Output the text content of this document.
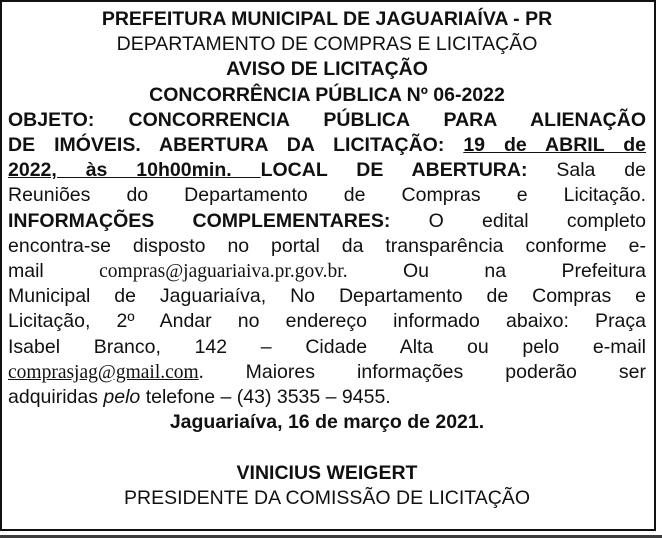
PREFEITURA MUNICIPAL DE JAGUARIAÍVA - PR
DEPARTAMENTO DE COMPRAS E LICITAÇÃO
AVISO DE LICITAÇÃO
CONCORRÊNCIA PÚBLICA Nº 06-2022
OBJETO: CONCORRENCIA PÚBLICA PARA ALIENAÇÃO
DE IMÓVEIS. ABERTURA DA LICITAÇÃO: 19 de ABRIL de
2022, às 10h00min. LOCAL DE ABERTURA: Sala de
Reuniões do Departamento de Compras e Licitação.
INFORMAÇÕES COMPLEMENTARES: O edital completo
encontra-se disposto no portal da transparência conforme e-
mail compras@jaguariaiva.pr.gov.br. Ou na Prefeitura
Municipal de Jaguariaíva, No Departamento de Compras e
Licitação, 2º Andar no endereço informado abaixo: Praça
Isabel Branco, 142 – Cidade Alta ou pelo e-mail
comprasjag@gmail.com. Maiores informações poderão ser
adquiridas pelo telefone – (43) 3535 – 9455.
Jaguariaíva, 16 de março de 2021.

VINICIUS WEIGERT
PRESIDENTE DA COMISSÃO DE LICITAÇÃO
